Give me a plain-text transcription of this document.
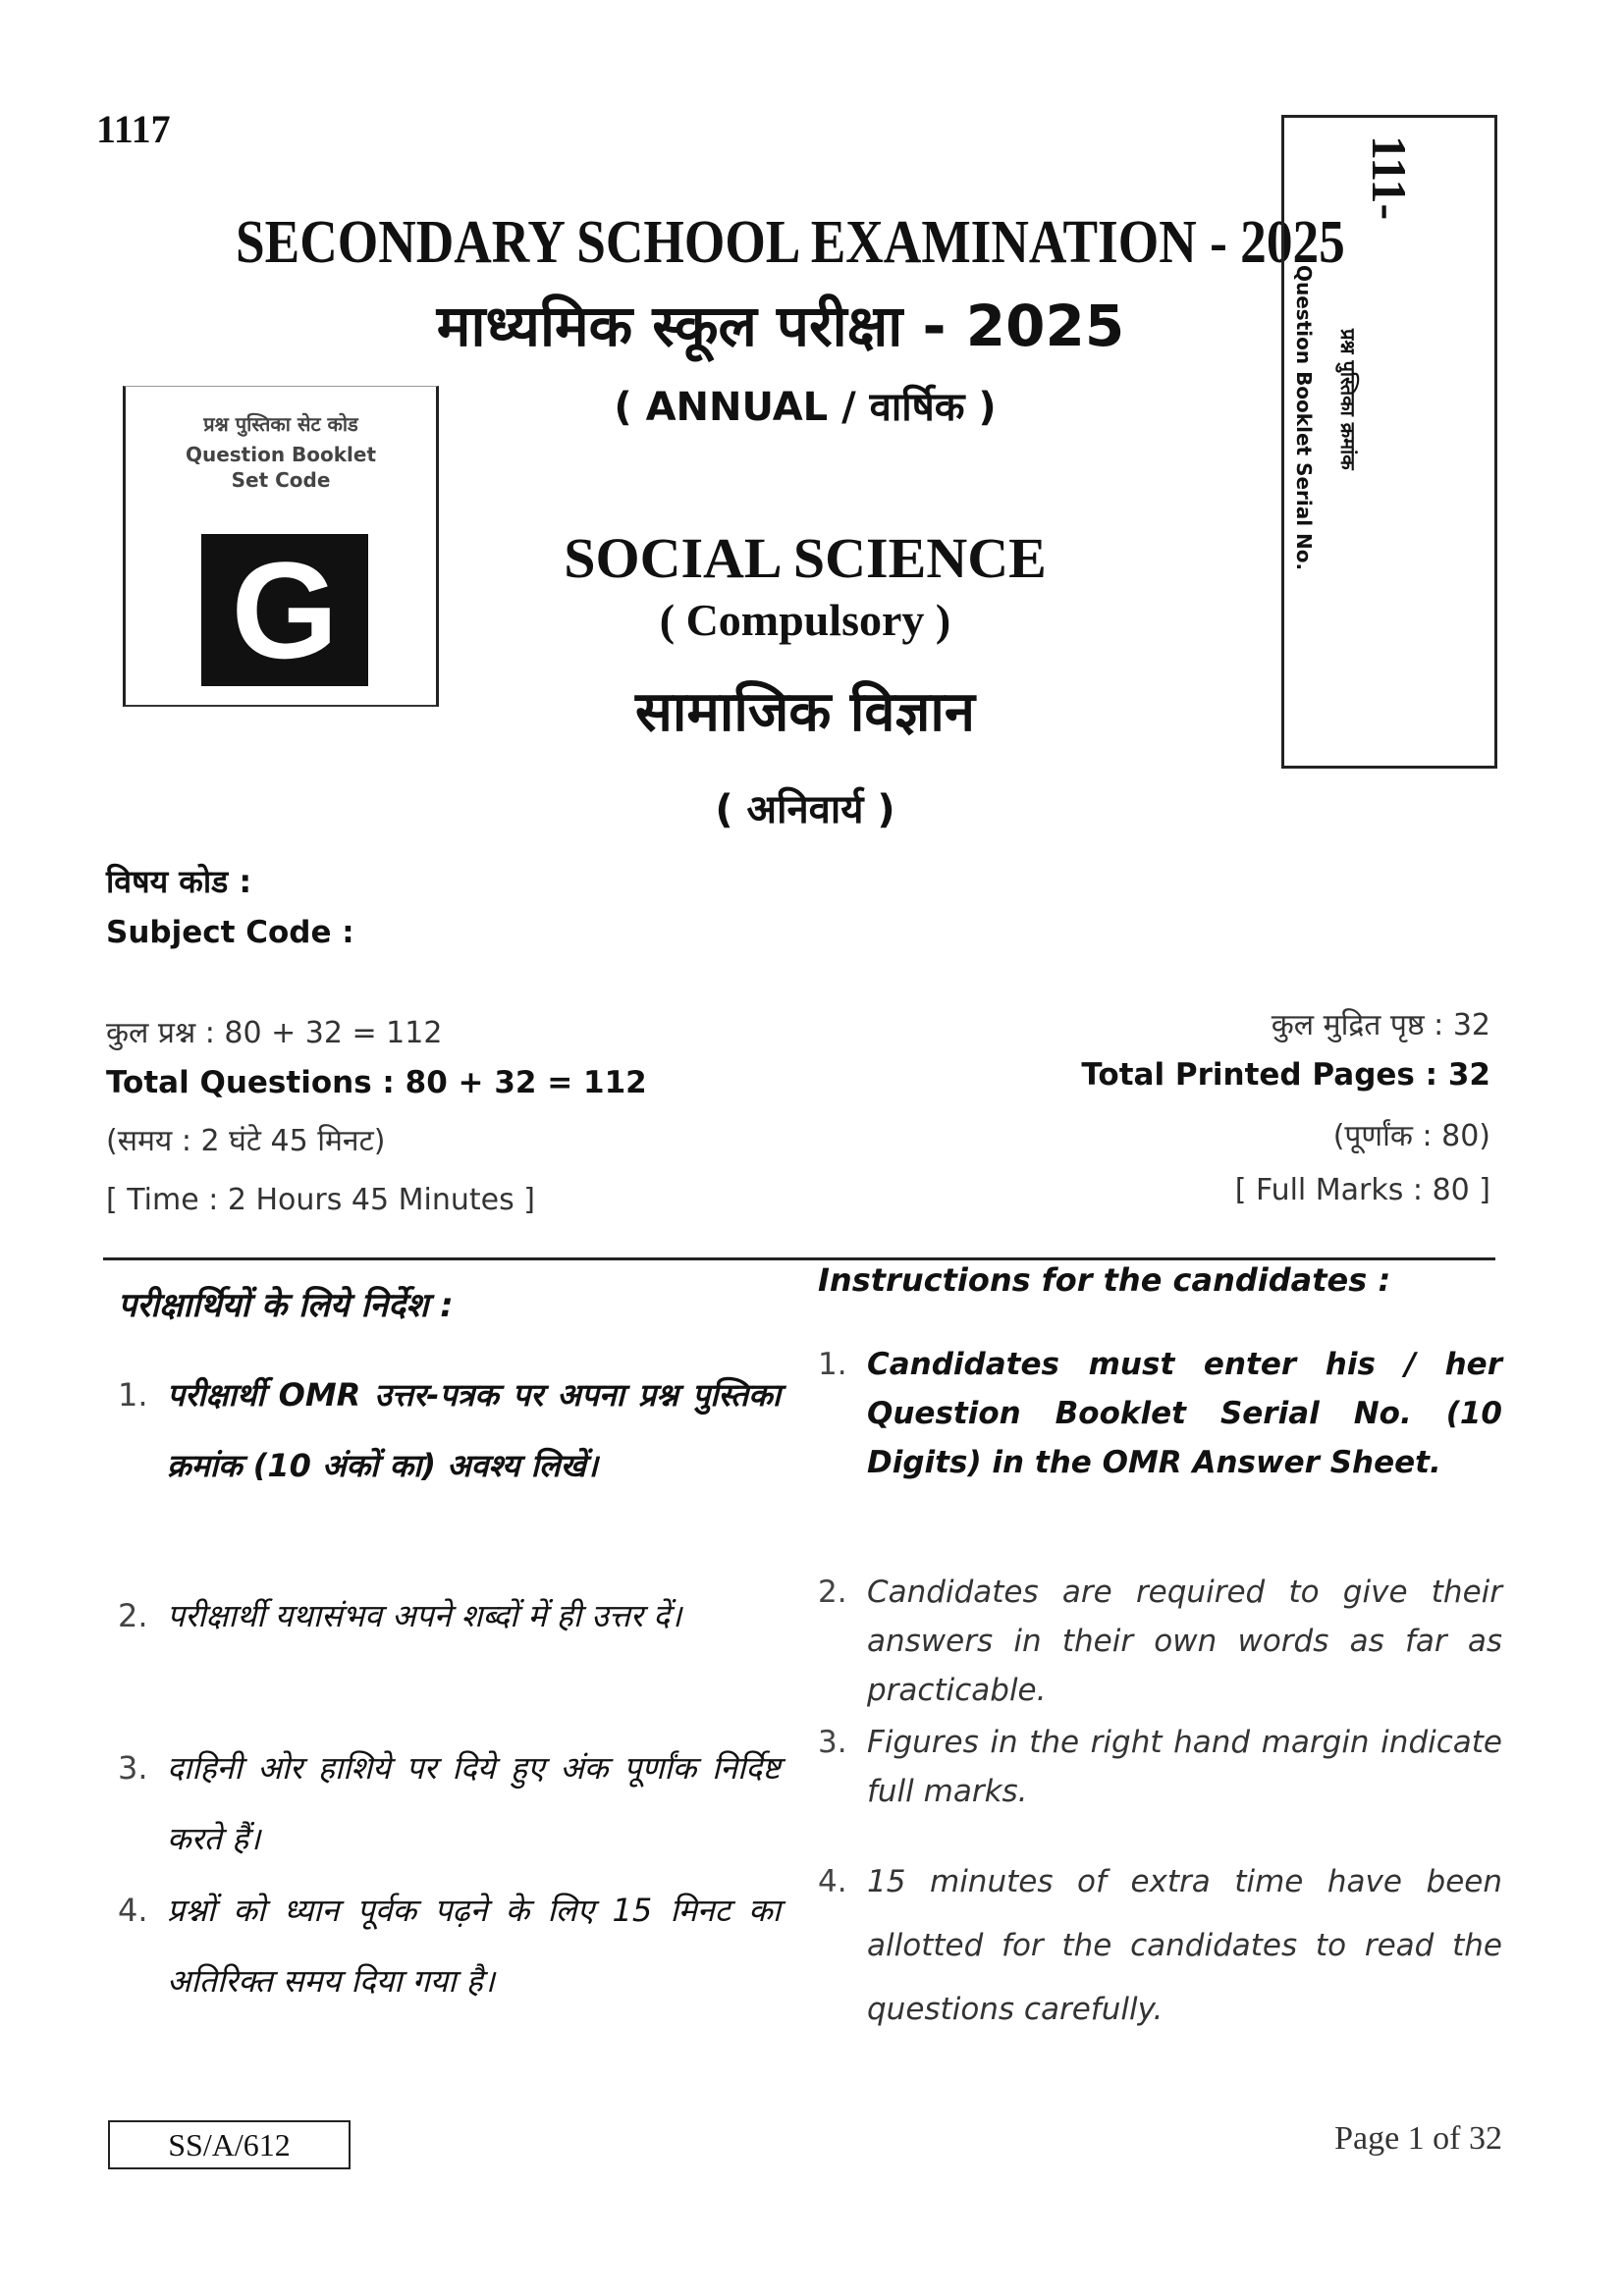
1117
SECONDARY SCHOOL EXAMINATION - 2025
माध्यमिक स्कूल परीक्षा - 2025
( ANNUAL / वार्षिक )
प्रश्न पुस्तिका सेट कोड
Question Booklet
Set Code
G
111-
Question Booklet Serial No. प्रश्न पुस्तिका क्रमांक
SOCIAL SCIENCE
( Compulsory )
सामाजिक विज्ञान
( अनिवार्य )
विषय कोड :
Subject Code :
कुल प्रश्न : 80 + 32 = 112
Total Questions : 80 + 32 = 112
(समय : 2 घंटे 45 मिनट)
[ Time : 2 Hours 45 Minutes ]
कुल मुद्रित पृष्ठ : 32
Total Printed Pages : 32
(पूर्णांक : 80)
[ Full Marks : 80 ]
परीक्षार्थियों के लिये निर्देश :
Instructions for the candidates :
1. परीक्षार्थी OMR उत्तर-पत्रक पर अपना प्रश्न पुस्तिका क्रमांक (10 अंकों का) अवश्य लिखें।
2. परीक्षार्थी यथासंभव अपने शब्दों में ही उत्तर दें।
3. दाहिनी ओर हाशिये पर दिये हुए अंक पूर्णांक निर्दिष्ट करते हैं।
4. प्रश्नों को ध्यान पूर्वक पढ़ने के लिए 15 मिनट का अतिरिक्त समय दिया गया है।
1. Candidates must enter his / her Question Booklet Serial No. (10 Digits) in the OMR Answer Sheet.
2. Candidates are required to give their answers in their own words as far as practicable.
3. Figures in the right hand margin indicate full marks.
4. 15 minutes of extra time have been allotted for the candidates to read the questions carefully.
SS/A/612	Page 1 of 32
